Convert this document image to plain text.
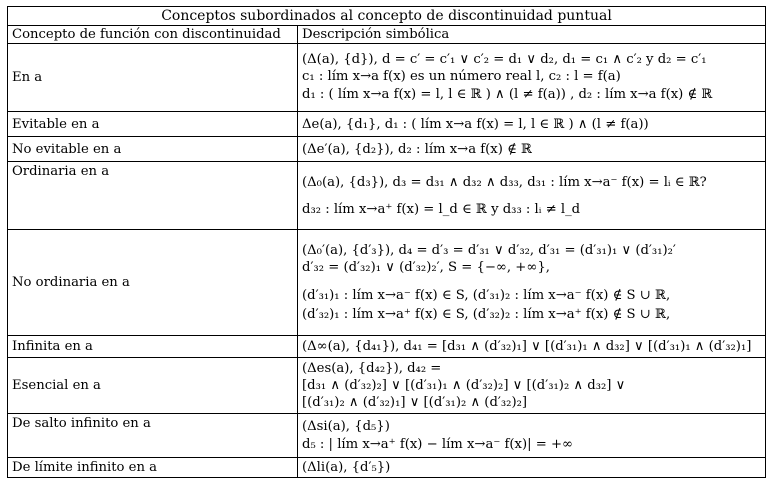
Conceptos subordinados al concepto de discontinuidad puntual	
Concepto de función con discontinuidad	Descripción simbólica
En a	(Δ(a), {d}), d = c′ = c′₁ ∨ c′₂ = d₁ ∨ d₂, d₁ = c₁ ∧ c′₂ y d₂ = c′₁
c₁ : lím x→a f(x) es un número real l, c₂ : l = f(a)
d₁ : ( lím x→a f(x) = l, l ∈ ℝ ) ∧ (l ≠ f(a)) , d₂ : lím x→a f(x) ∉ ℝ

Evitable en a	Δe(a), {d₁}, d₁ : ( lím x→a f(x) = l, l ∈ ℝ ) ∧ (l ≠ f(a))

No evitable en a	(Δe′(a), {d₂}), d₂ : lím x→a f(x) ∉ ℝ

Ordinaria en a	(Δ₀(a), {d₃}), d₃ = d₃₁ ∧ d₃₂ ∧ d₃₃, d₃₁ : lím x→a⁻ f(x) = lᵢ ∈ ℝ?
d₃₂ : lím x→a⁺ f(x) = l_d ∈ ℝ y d₃₃ : lᵢ ≠ l_d

No ordinaria en a	(Δ₀′(a), {d′₃}), d₄ = d′₃ = d′₃₁ ∨ d′₃₂, d′₃₁ = (d′₃₁)₁ ∨ (d′₃₁)₂′
d′₃₂ = (d′₃₂)₁ ∨ (d′₃₂)₂′, S = {−∞, +∞},
(d′₃₁)₁ : lím x→a⁻ f(x) ∈ S, (d′₃₁)₂ : lím x→a⁻ f(x) ∉ S ∪ ℝ,
(d′₃₂)₁ : lím x→a⁺ f(x) ∈ S, (d′₃₂)₂ : lím x→a⁺ f(x) ∉ S ∪ ℝ,

Infinita en a	(Δ∞(a), {d₄₁}), d₄₁ = [d₃₁ ∧ (d′₃₂)₁] ∨ [(d′₃₁)₁ ∧ d₃₂] ∨ [(d′₃₁)₁ ∧ (d′₃₂)₁]

Esencial en a	(Δes(a), {d₄₂}), d₄₂ =
[d₃₁ ∧ (d′₃₂)₂] ∨ [(d′₃₁)₁ ∧ (d′₃₂)₂] ∨ [(d′₃₁)₂ ∧ d₃₂] ∨
[(d′₃₁)₂ ∧ (d′₃₂)₁] ∨ [(d′₃₁)₂ ∧ (d′₃₂)₂]

De salto infinito en a	(Δsi(a), {d₅})
d₅ : | lím x→a⁺ f(x) − lím x→a⁻ f(x)| = +∞

De límite infinito en a	(Δli(a), {d′₅})
